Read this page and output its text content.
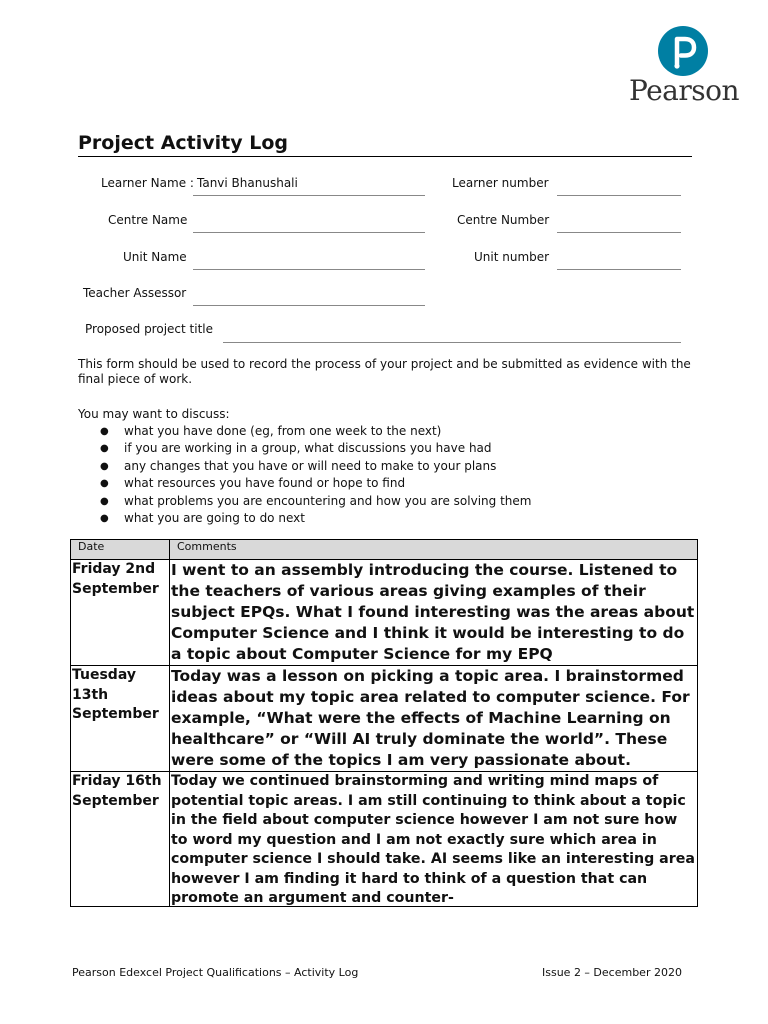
Pearson
Project Activity Log
Learner Name : Tanvi Bhanushali	Learner number
Centre Name	Centre Number
Unit Name	Unit number
Teacher Assessor
Proposed project title
This form should be used to record the process of your project and be submitted as evidence with the final piece of work.
You may want to discuss:
● what you have done (eg, from one week to the next)
● if you are working in a group, what discussions you have had
● any changes that you have or will need to make to your plans
● what resources you have found or hope to find
● what problems you are encountering and how you are solving them
● what you are going to do next
Date	Comments
Friday 2nd September	I went to an assembly introducing the course. Listened to the teachers of various areas giving examples of their subject EPQs. What I found interesting was the areas about Computer Science and I think it would be interesting to do a topic about Computer Science for my EPQ
Tuesday 13th September	Today was a lesson on picking a topic area. I brainstormed ideas about my topic area related to computer science. For example, “What were the effects of Machine Learning on healthcare” or “Will AI truly dominate the world”. These were some of the topics I am very passionate about.
Friday 16th September	Today we continued brainstorming and writing mind maps of potential topic areas. I am still continuing to think about a topic in the field about computer science however I am not sure how to word my question and I am not exactly sure which area in computer science I should take. AI seems like an interesting area however I am finding it hard to think of a question that can promote an argument and counter-
Pearson Edexcel Project Qualifications – Activity Log	Issue 2 – December 2020
